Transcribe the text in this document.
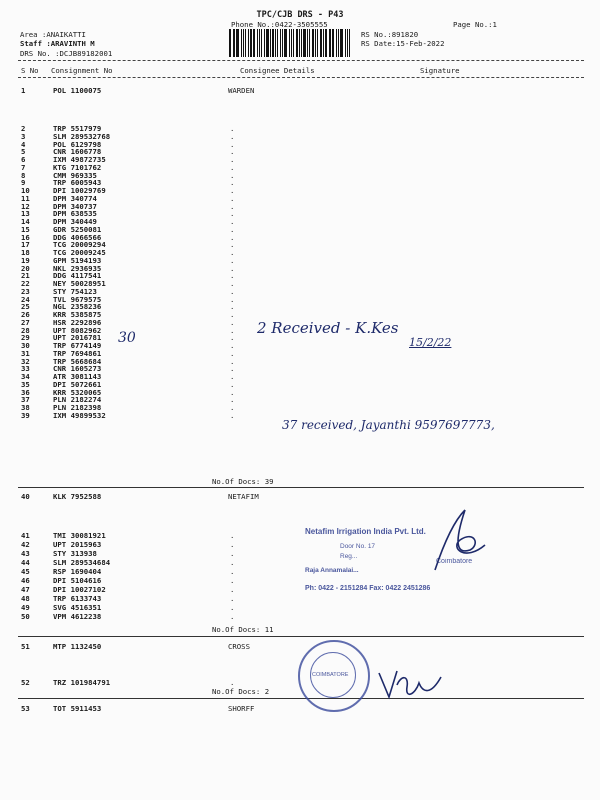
TPC/CJB DRS - P43
Phone No.:0422-3505555	Page No.:1
Area :ANAIKATTI
Staff :ARAVINTH M
DRS No. :DCJB89182001
RS No.:891820
RS Date:15-Feb-2022
S No Consignment No	Consignee Details	Signature
1	POL 1100075	WARDEN
2	TRP 5517979	.
3	SLM 289532768	.
4	POL 6129798	.
5	CNR 1606778	.
6	IXM 49872735	.
7	KTG 7101762	.
8	CMM 969335	.
9	TRP 6005943	.
10	DPI 10029769	.
11	DPM 340774	.
12	DPM 340737	.
13	DPM 638535	.
14	DPM 340449	.
15	GDR 5250081	.
16	DDG 4066566	.
17	TCG 20009294	.
18	TCG 20009245	.
19	GPM 5194193	.
20	NKL 2936935	.
21	DDG 4117541	.
22	NEY 50028951	.
23	STY 754123	.
24	TVL 9679575	.
25	NGL 2358236	.
26	KRR 5385875	.
27	HSR 2292896	.
28	UPT 8082962	.
29	UPT 2016781	.
30	TRP 6774149	.
31	TRP 7694861	.
32	TRP 5668684	.
33	CNR 1605273	.
34	ATR 3081143	.
35	DPI 5072661	.
36	KRR 5320065	.
37	PLN 2182274	.
38	PLN 2182398	.
39	IXM 49899532	.
No.Of Docs: 39
40	KLK 7952588	NETAFIM
41	TMI 30081921	.
42	UPT 2015963	.
43	STY 313938	.
44	SLM 289534684	.
45	RSP 1690404	.
46	DPI 5104616	.
47	DPI 10027102	.
48	TRP 6133743	.
49	SVG 4516351	.
50	VPM 4612238	.
No.Of Docs: 11
51	MTP 1132450	CROSS
52	TRZ 101984791	.
No.Of Docs: 2
53	TOT 5911453	SHORFF
2 Received - K.Kes
15/2/22
30
37 received, Jayanthi 9597697773,
Netafim Irrigation India Pvt. Ltd.
Door No. 17
Reg...
Raja Annamalai...
Coimbatore
Ph: 0422 - 2151284 Fax: 0422 2451286
COIMBATORE
